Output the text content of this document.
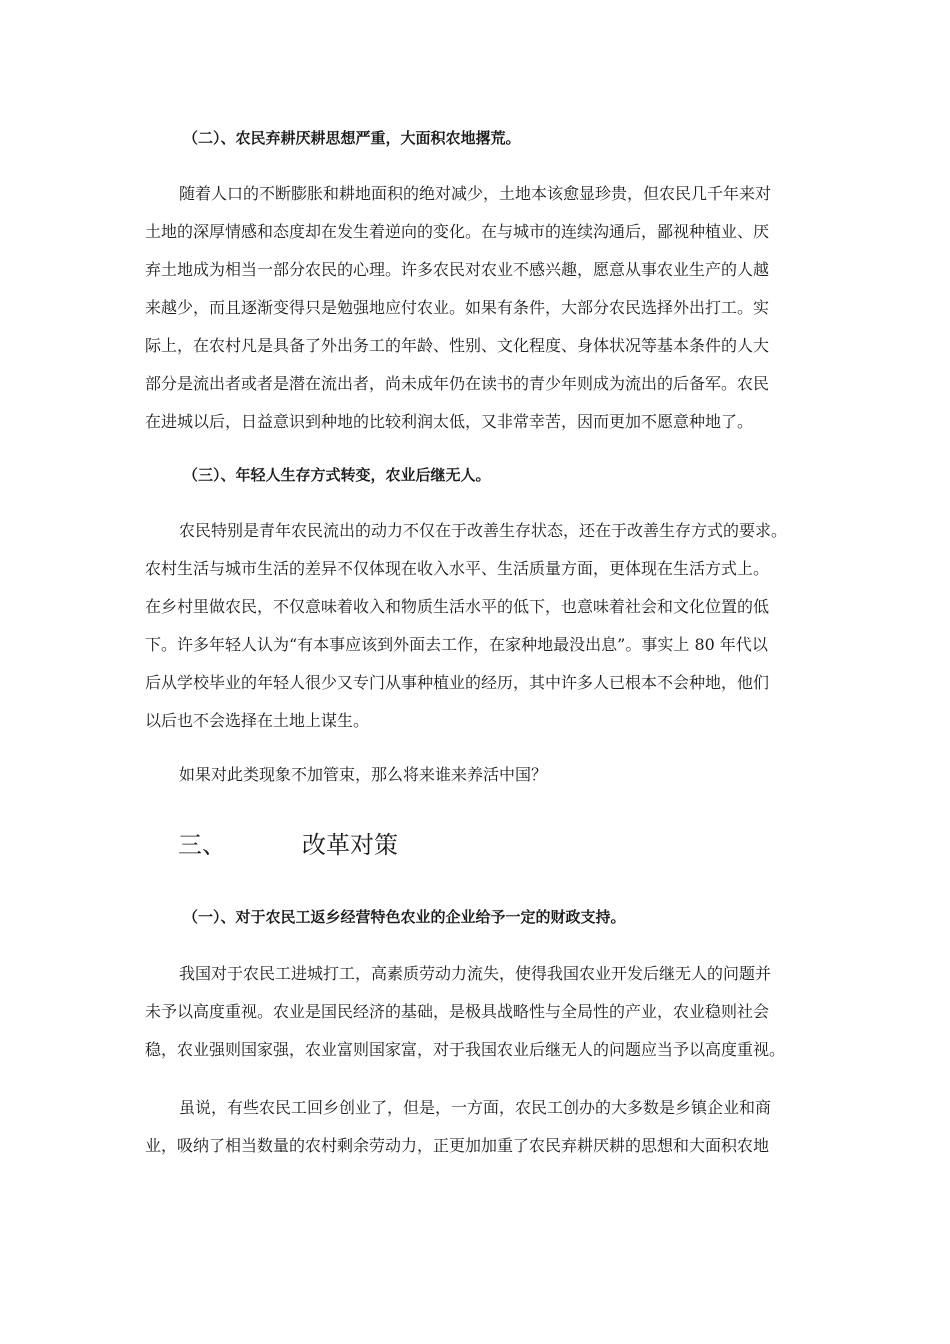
（二）、农民弃耕厌耕思想严重，大面积农地撂荒。
随着人口的不断膨胀和耕地面积的绝对减少，土地本该愈显珍贵，但农民几千年来对
土地的深厚情感和态度却在发生着逆向的变化。在与城市的连续沟通后，鄙视种植业、厌
弃土地成为相当一部分农民的心理。许多农民对农业不感兴趣，愿意从事农业生产的人越
来越少，而且逐渐变得只是勉强地应付农业。如果有条件，大部分农民选择外出打工。实
际上，在农村凡是具备了外出务工的年龄、性别、文化程度、身体状况等基本条件的人大
部分是流出者或者是潜在流出者，尚未成年仍在读书的青少年则成为流出的后备军。农民
在进城以后，日益意识到种地的比较利润太低，又非常幸苦，因而更加不愿意种地了。
（三）、年轻人生存方式转变，农业后继无人。
农民特别是青年农民流出的动力不仅在于改善生存状态，还在于改善生存方式的要求。
农村生活与城市生活的差异不仅体现在收入水平、生活质量方面，更体现在生活方式上。
在乡村里做农民，不仅意味着收入和物质生活水平的低下，也意味着社会和文化位置的低
下。许多年轻人认为“有本事应该到外面去工作，在家种地最没出息”。事实上 80 年代以
后从学校毕业的年轻人很少又专门从事种植业的经历，其中许多人已根本不会种地，他们
以后也不会选择在土地上谋生。
如果对此类现象不加管束，那么将来谁来养活中国？
三、	改革对策
（一）、对于农民工返乡经营特色农业的企业给予一定的财政支持。
我国对于农民工进城打工，高素质劳动力流失，使得我国农业开发后继无人的问题并
未予以高度重视。农业是国民经济的基础，是极具战略性与全局性的产业，农业稳则社会
稳，农业强则国家强，农业富则国家富，对于我国农业后继无人的问题应当予以高度重视。
虽说，有些农民工回乡创业了，但是，一方面，农民工创办的大多数是乡镇企业和商
业，吸纳了相当数量的农村剩余劳动力，正更加加重了农民弃耕厌耕的思想和大面积农地
